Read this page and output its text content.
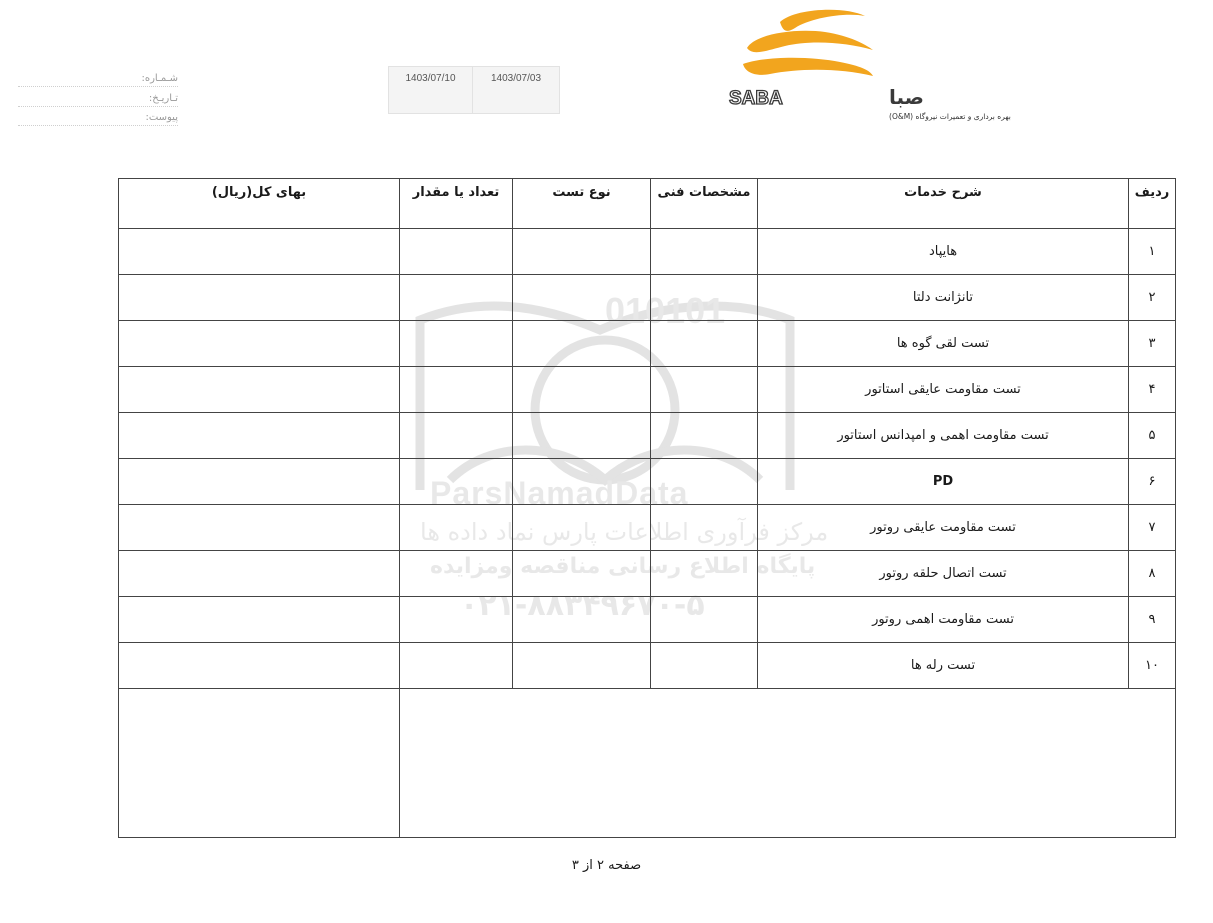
شـمـاره:
تـاریـخ:
پیوست:
1403/07/10	1403/07/03
SABA	صبا
بهره برداری و تعمیرات نیروگاه (O&M)
010101
ParsNamadData
مرکز فرآوری اطلاعات پارس نماد داده ها
پایگاه اطلاع رسانی مناقصه ومزایده
۰۲۱-۸۸۳۴۹۶۷۰-۵
ردیف	شرح خدمات	مشخصات فنی	نوع تست	تعداد یا مقدار	بهای کل(ریال)
۱	هایپاد				
۲	تانژانت دلتا				
۳	تست لقی گوه ها				
۴	تست مقاومت عایقی استاتور				
۵	تست مقاومت اهمی و امپدانس استاتور				
۶	PD				
۷	تست مقاومت عایقی روتور				
۸	تست اتصال حلقه روتور				
۹	تست مقاومت اهمی روتور				
۱۰	تست رله ها				

صفحه ۲ از ۳
